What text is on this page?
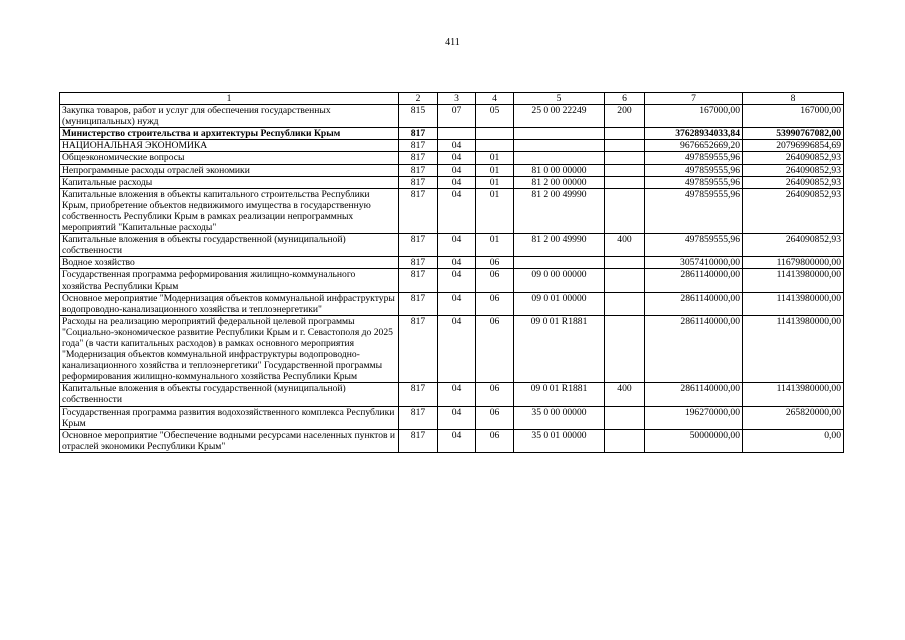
411
1	2	3	4	5	6	7	8
Закупка товаров, работ и услуг для обеспечения государственных (муниципальных) нужд	815	07	05	25 0 00 22249	200	167000,00	167000,00
Министерство строительства и архитектуры Республики Крым	817					37628934033,84	53990767082,00
НАЦИОНАЛЬНАЯ ЭКОНОМИКА	817	04				9676652669,20	20796996854,69
Общеэкономические вопросы	817	04	01			497859555,96	264090852,93
Непрограммные расходы отраслей экономики	817	04	01	81 0 00 00000		497859555,96	264090852,93
Капитальные расходы	817	04	01	81 2 00 00000		497859555,96	264090852,93
Капитальные вложения в объекты капитального строительства Республики Крым, приобретение объектов недвижимого имущества в государственную собственность Республики Крым в рамках реализации непрограммных мероприятий "Капитальные расходы"	817	04	01	81 2 00 49990		497859555,96	264090852,93
Капитальные вложения в объекты государственной (муниципальной) собственности	817	04	01	81 2 00 49990	400	497859555,96	264090852,93
Водное хозяйство	817	04	06			3057410000,00	11679800000,00
Государственная программа реформирования жилищно-коммунального хозяйства Республики Крым	817	04	06	09 0 00 00000		2861140000,00	11413980000,00
Основное мероприятие "Модернизация объектов коммунальной инфраструктуры водопроводно-канализационного хозяйства и теплоэнергетики"	817	04	06	09 0 01 00000		2861140000,00	11413980000,00
Расходы на реализацию мероприятий федеральной целевой программы "Социально-экономическое развитие Республики Крым и г. Севастополя до 2025 года" (в части капитальных расходов) в рамках основного мероприятия "Модернизация объектов коммунальной инфраструктуры водопроводно-канализационного хозяйства и теплоэнергетики" Государственной программы реформирования жилищно-коммунального хозяйства Республики Крым	817	04	06	09 0 01 R1881		2861140000,00	11413980000,00
Капитальные вложения в объекты государственной (муниципальной) собственности	817	04	06	09 0 01 R1881	400	2861140000,00	11413980000,00
Государственная программа развития водохозяйственного комплекса Республики Крым	817	04	06	35 0 00 00000		196270000,00	265820000,00
Основное мероприятие "Обеспечение водными ресурсами населенных пунктов и отраслей экономики Республики Крым"	817	04	06	35 0 01 00000		50000000,00	0,00
